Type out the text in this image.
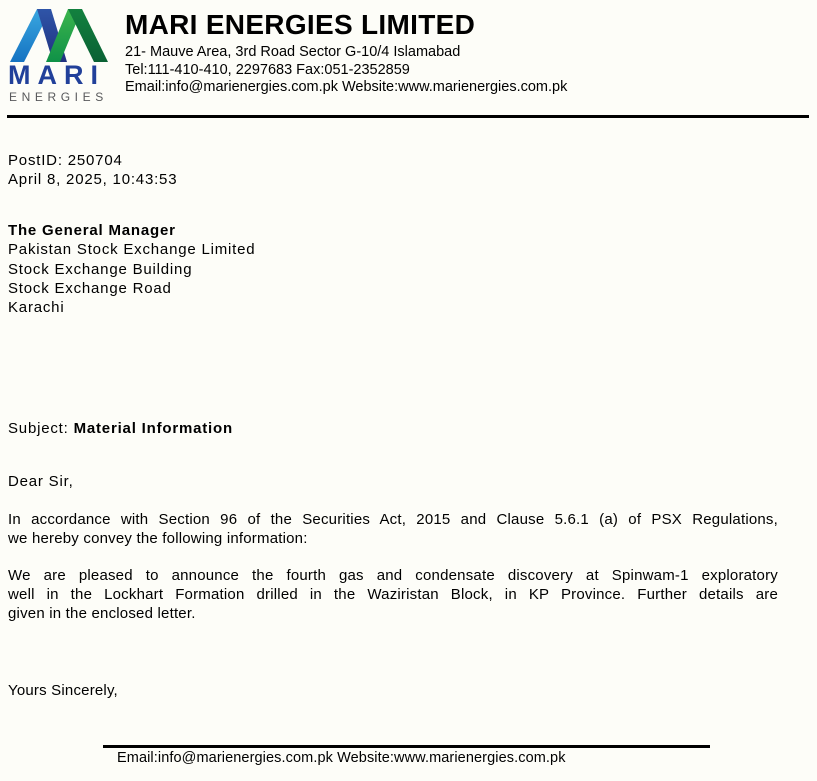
MARI
ENERGIES
MARI ENERGIES LIMITED
21- Mauve Area, 3rd Road Sector G-10/4 Islamabad
Tel:111-410-410, 2297683 Fax:051-2352859
Email:info@marienergies.com.pk Website:www.marienergies.com.pk
PostID: 250704
April 8, 2025, 10:43:53
The General Manager
Pakistan Stock Exchange Limited
Stock Exchange Building
Stock Exchange Road
Karachi
Subject: Material Information
Dear Sir,
In accordance with Section 96 of the Securities Act, 2015 and Clause 5.6.1 (a) of PSX Regulations,
we hereby convey the following information:
We are pleased to announce the fourth gas and condensate discovery at Spinwam-1 exploratory
well in the Lockhart Formation drilled in the Waziristan Block, in KP Province. Further details are
given in the enclosed letter.
Yours Sincerely,
Email:info@marienergies.com.pk Website:www.marienergies.com.pk
